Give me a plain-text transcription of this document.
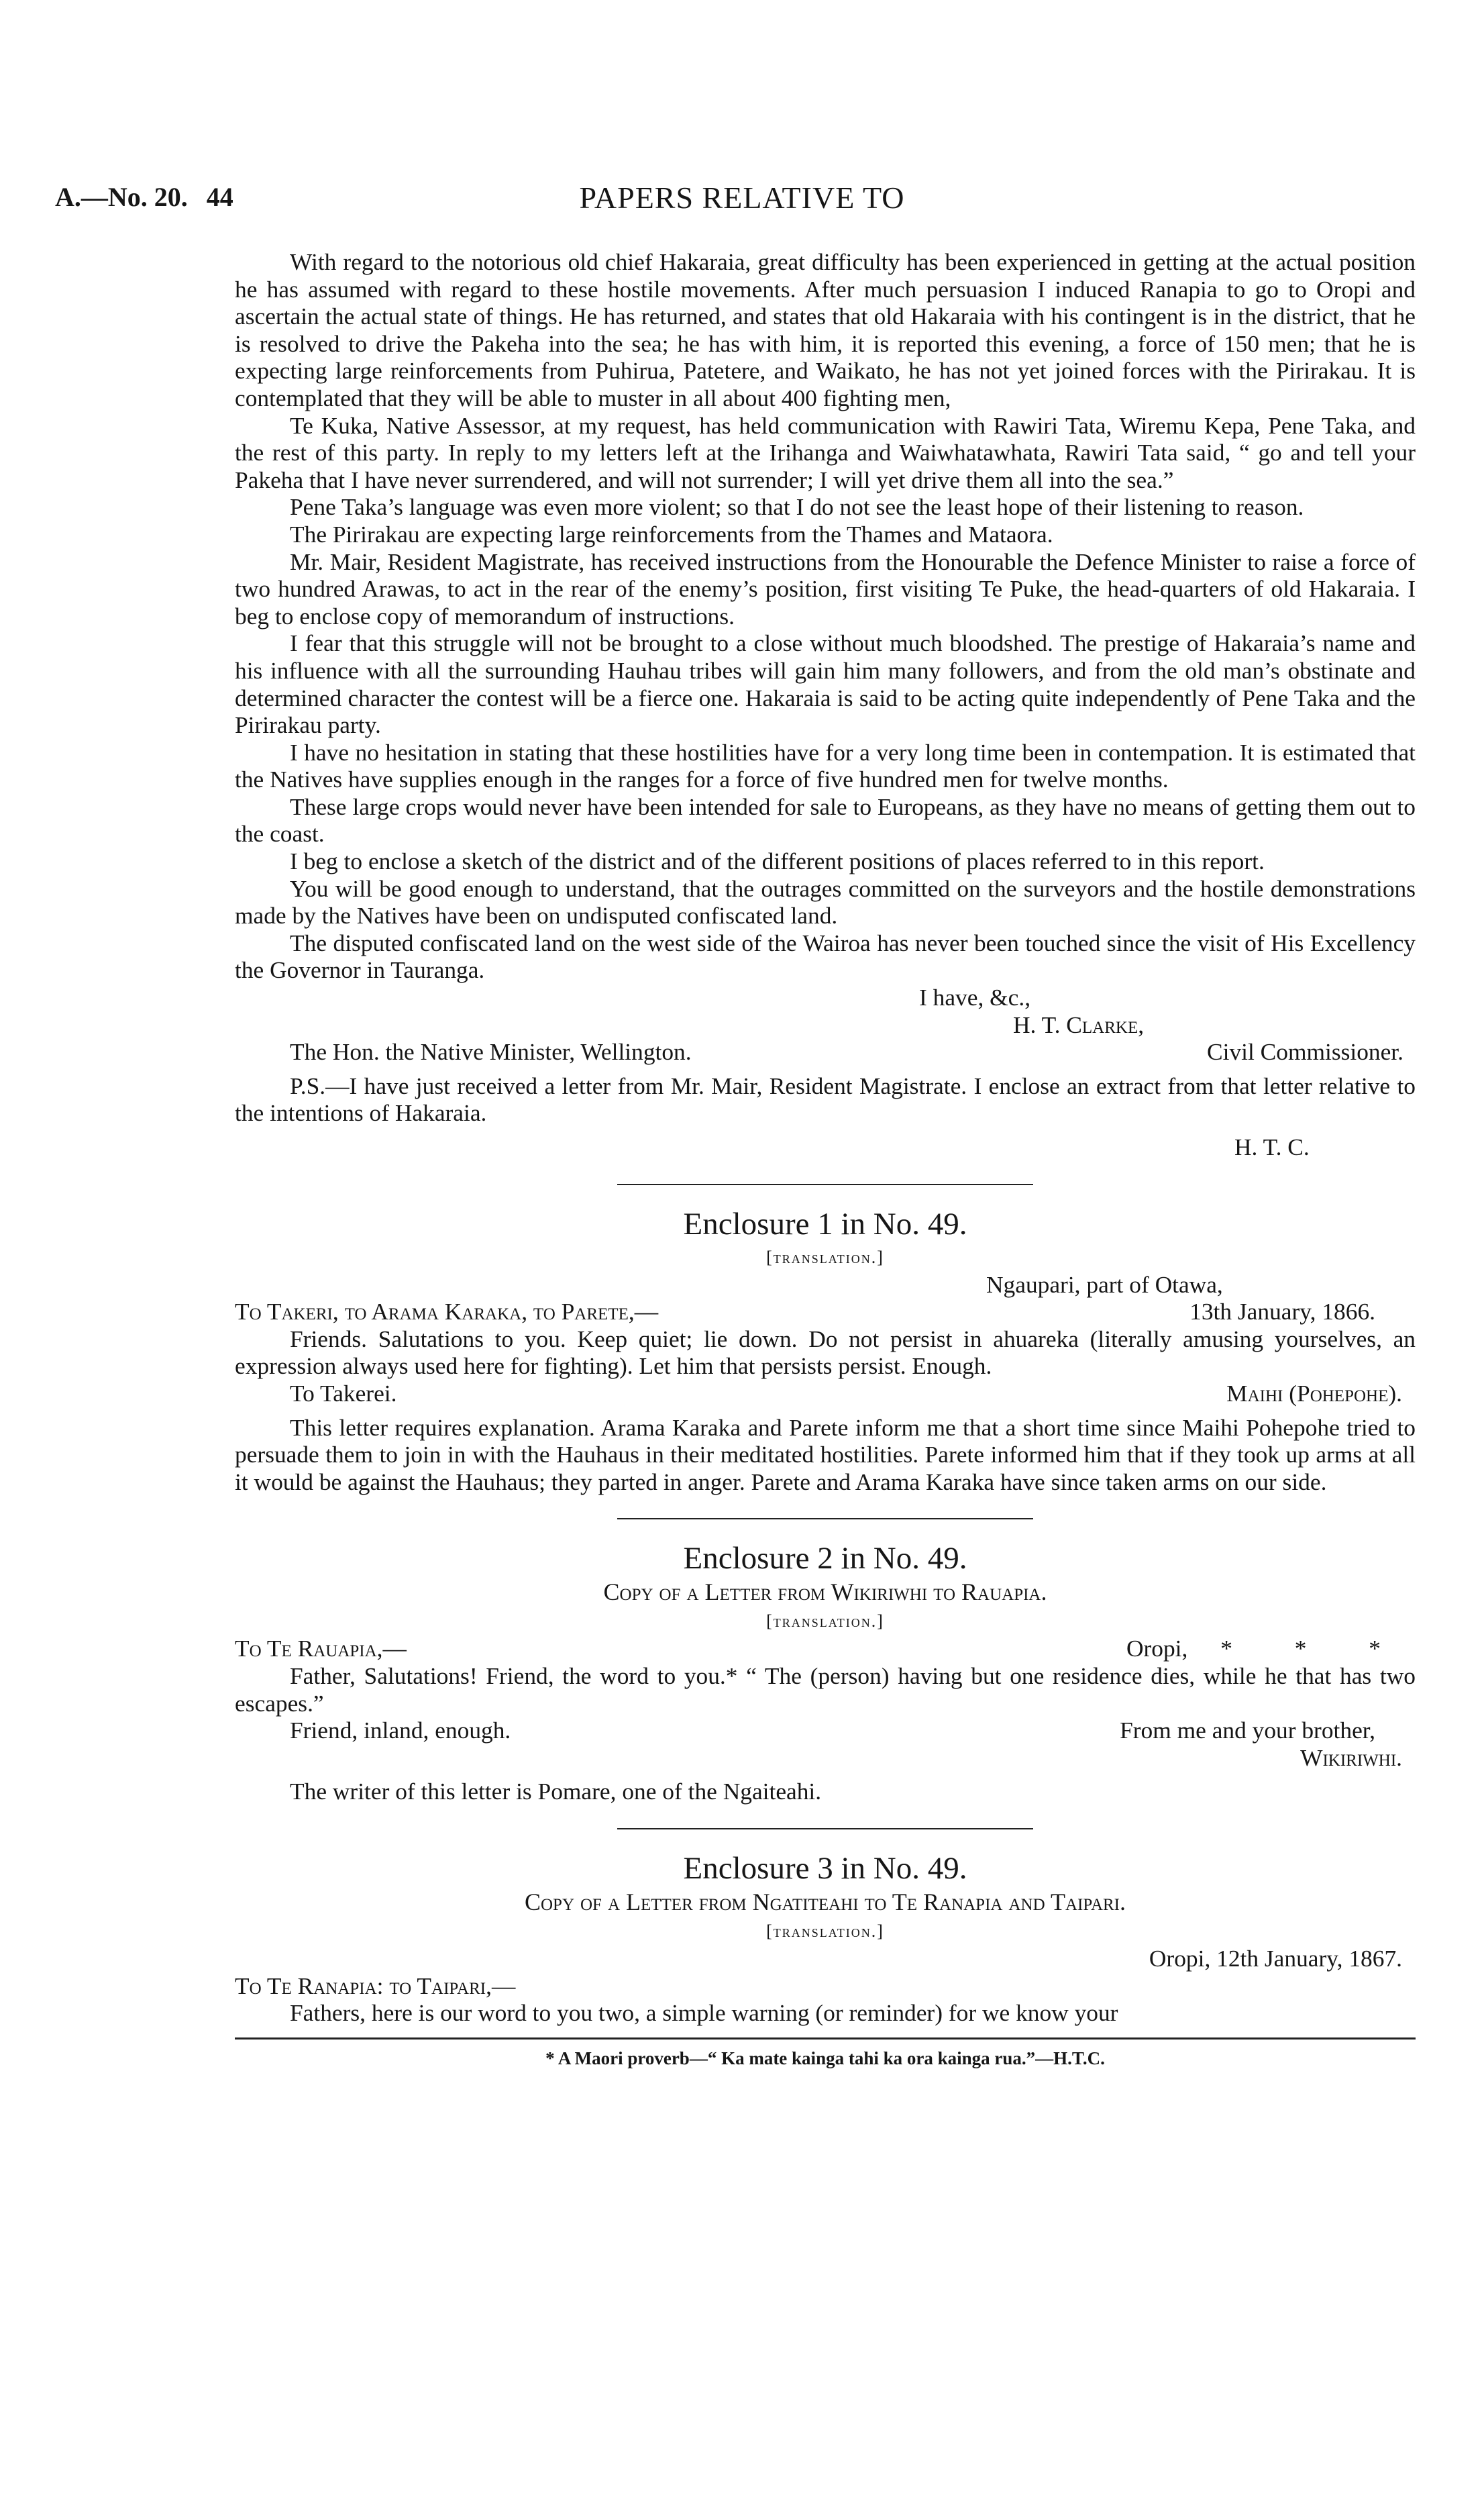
A.—No. 20. 44	PAPERS RELATIVE TO

With regard to the notorious old chief Hakaraia, great difficulty has been experienced in getting at the actual position he has assumed with regard to these hostile movements. After much persuasion I induced Ranapia to go to Oropi and ascertain the actual state of things. He has returned, and states that old Hakaraia with his contingent is in the district, that he is resolved to drive the Pakeha into the sea; he has with him, it is reported this evening, a force of 150 men; that he is expecting large reinforcements from Puhirua, Patetere, and Waikato, he has not yet joined forces with the Pirirakau. It is contemplated that they will be able to muster in all about 400 fighting men,

Te Kuka, Native Assessor, at my request, has held communication with Rawiri Tata, Wiremu Kepa, Pene Taka, and the rest of this party. In reply to my letters left at the Irihanga and Waiwhatawhata, Rawiri Tata said, “ go and tell your Pakeha that I have never surrendered, and will not surrender; I will yet drive them all into the sea.”

Pene Taka’s language was even more violent; so that I do not see the least hope of their listening to reason.

The Pirirakau are expecting large reinforcements from the Thames and Mataora.

Mr. Mair, Resident Magistrate, has received instructions from the Honourable the Defence Minister to raise a force of two hundred Arawas, to act in the rear of the enemy’s position, first visiting Te Puke, the head-quarters of old Hakaraia. I beg to enclose copy of memorandum of instructions.

I fear that this struggle will not be brought to a close without much bloodshed. The prestige of Hakaraia’s name and his influence with all the surrounding Hauhau tribes will gain him many followers, and from the old man’s obstinate and determined character the contest will be a fierce one. Hakaraia is said to be acting quite independently of Pene Taka and the Pirirakau party.

I have no hesitation in stating that these hostilities have for a very long time been in contempation. It is estimated that the Natives have supplies enough in the ranges for a force of five hundred men for twelve months.

These large crops would never have been intended for sale to Europeans, as they have no means of getting them out to the coast.

I beg to enclose a sketch of the district and of the different positions of places referred to in this report.

You will be good enough to understand, that the outrages committed on the surveyors and the hostile demonstrations made by the Natives have been on undisputed confiscated land.

The disputed confiscated land on the west side of the Wairoa has never been touched since the visit of His Excellency the Governor in Tauranga.

I have, &c.,
H. T. Clarke,
The Hon. the Native Minister, Wellington.	Civil Commissioner.

P.S.—I have just received a letter from Mr. Mair, Resident Magistrate. I enclose an extract from that letter relative to the intentions of Hakaraia.

H. T. C.
Enclosure 1 in No. 49.
[translation.]
Ngaupari, part of Otawa,
To Takeri, to Arama Karaka, to Parete,—	13th January, 1866.

Friends. Salutations to you. Keep quiet; lie down. Do not persist in ahuareka (literally amusing yourselves, an expression always used here for fighting). Let him that persists persist. Enough.

To Takerei.	Maihi (Pohepohe).

This letter requires explanation. Arama Karaka and Parete inform me that a short time since Maihi Pohepohe tried to persuade them to join in with the Hauhaus in their meditated hostilities. Parete informed him that if they took up arms at all it would be against the Hauhaus; they parted in anger. Parete and Arama Karaka have since taken arms on our side.

Enclosure 2 in No. 49.
Copy of a Letter from Wikiriwhi to Rauapia.
[translation.]
To Te Rauapia,—	Oropi, * * *

Father, Salutations! Friend, the word to you.* “ The (person) having but one residence dies, while he that has two escapes.”

Friend, inland, enough.	From me and your brother,
Wikiriwhi.

The writer of this letter is Pomare, one of the Ngaiteahi.

Enclosure 3 in No. 49.
Copy of a Letter from Ngatiteahi to Te Ranapia and Taipari.
[translation.]
Oropi, 12th January, 1867.
To Te Ranapia: to Taipari,—

Fathers, here is our word to you two, a simple warning (or reminder) for we know your

* A Maori proverb—“ Ka mate kainga tahi ka ora kainga rua.”—H.T.C.
